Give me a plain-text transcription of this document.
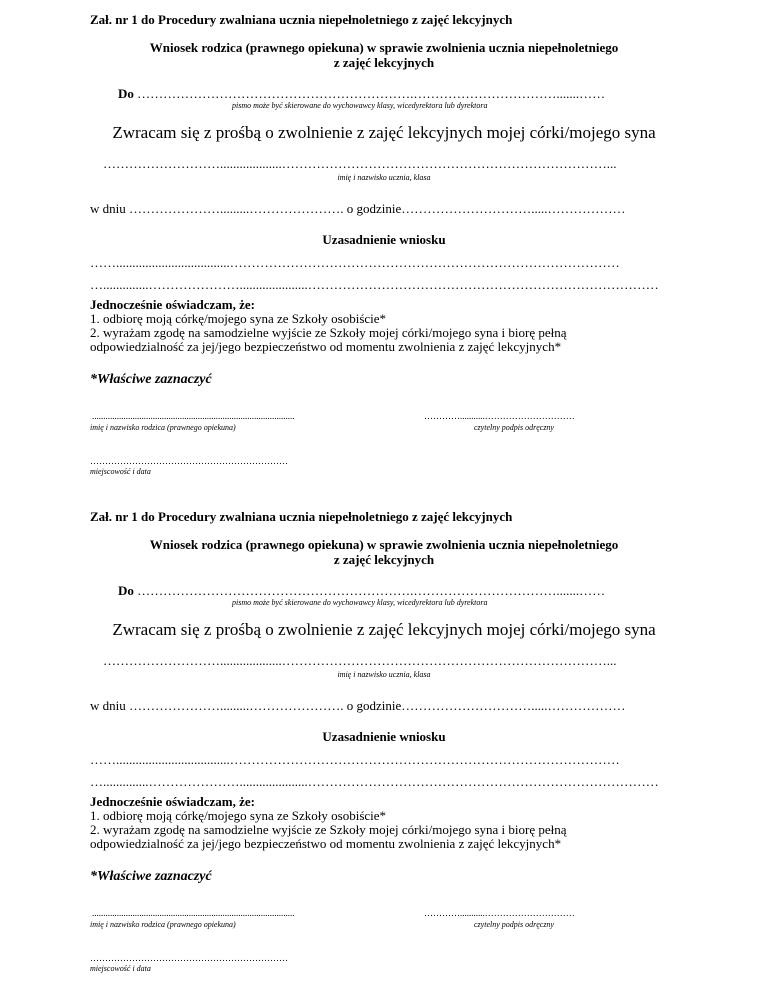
Zał. nr 1 do Procedury zwalniana ucznia niepełnoletniego z zajęć lekcyjnych
Wniosek rodzica (prawnego opiekuna) w sprawie zwolnienia ucznia niepełnoletniego
z zajęć lekcyjnych
Do ……………………………………………………….…………………………….......……
pismo może być skierowane do wychowawcy klasy, wicedyrektora lub dyrektora
Zwracam się z prośbą o zwolnienie z zajęć lekcyjnych mojej córki/mojego syna
………………………...................…………………………………………………………………...
imię i nazwisko ucznia, klasa
w dniu ………………….........…………………. o godzinie………………………….....………………
Uzasadnienie wniosku
……...................................………………………………………………………………………………
…..............………………….....................………………………………………………………………………
Jednocześnie oświadczam, że:
1. odbiorę moją córkę/mojego syna ze Szkoły osobiście*
2. wyrażam zgodę na samodzielne wyjście ze Szkoły mojej córki/mojego syna i biorę pełną
odpowiedzialność za jej/jego bezpieczeństwo od momentu zwolnienia z zajęć lekcyjnych*
*Właściwe zaznaczyć
..........................................................................................	…………...........…………………………
imię i nazwisko rodzica (prawnego opiekuna)	czytelny podpis odręczny
…………………………………………………………
miejscowość i data
Zał. nr 1 do Procedury zwalniana ucznia niepełnoletniego z zajęć lekcyjnych
Wniosek rodzica (prawnego opiekuna) w sprawie zwolnienia ucznia niepełnoletniego
z zajęć lekcyjnych
Do ……………………………………………………….…………………………….......……
pismo może być skierowane do wychowawcy klasy, wicedyrektora lub dyrektora
Zwracam się z prośbą o zwolnienie z zajęć lekcyjnych mojej córki/mojego syna
………………………...................…………………………………………………………………...
imię i nazwisko ucznia, klasa
w dniu ………………….........…………………. o godzinie………………………….....………………
Uzasadnienie wniosku
……...................................………………………………………………………………………………
…..............………………….....................………………………………………………………………………
Jednocześnie oświadczam, że:
1. odbiorę moją córkę/mojego syna ze Szkoły osobiście*
2. wyrażam zgodę na samodzielne wyjście ze Szkoły mojej córki/mojego syna i biorę pełną
odpowiedzialność za jej/jego bezpieczeństwo od momentu zwolnienia z zajęć lekcyjnych*
*Właściwe zaznaczyć
..........................................................................................	…………...........…………………………
imię i nazwisko rodzica (prawnego opiekuna)	czytelny podpis odręczny
…………………………………………………………
miejscowość i data
